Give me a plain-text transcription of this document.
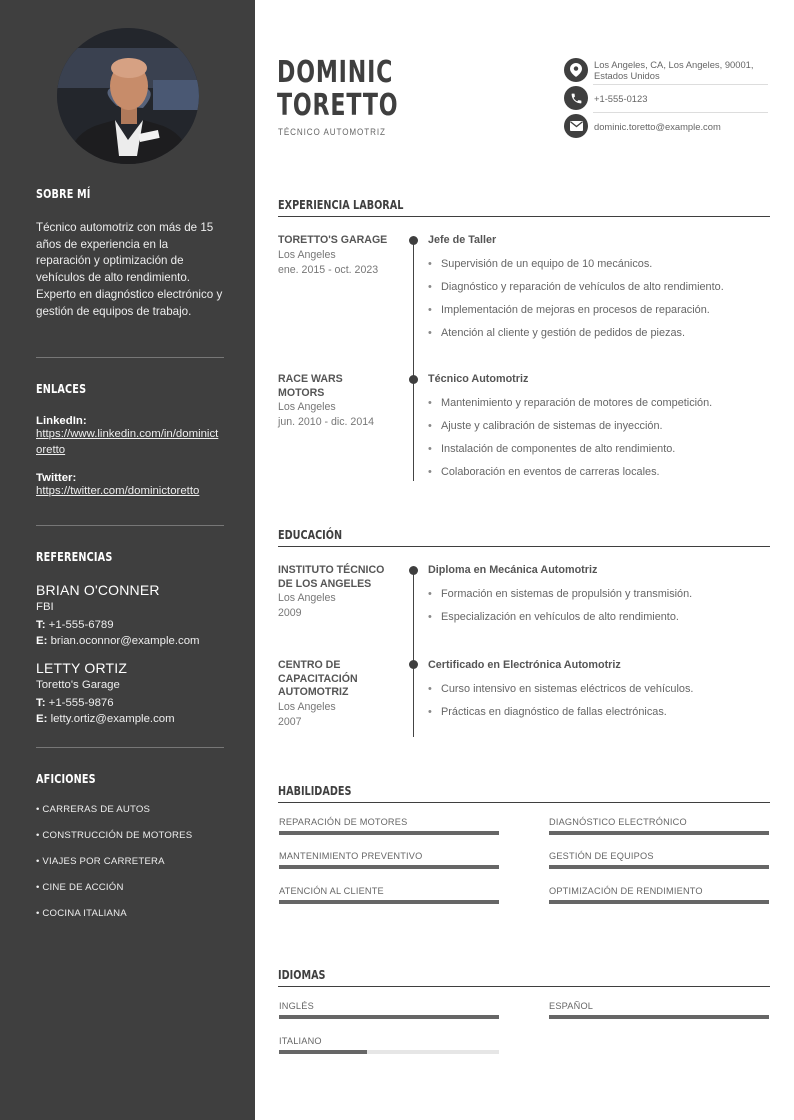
SOBRE MÍ

Técnico automotriz con más de 15 años de experiencia en la reparación y optimización de vehículos de alto rendimiento. Experto en diagnóstico electrónico y gestión de equipos de trabajo.

ENLACES
LinkedIn:
https://www.linkedin.com/in/dominictoretto
Twitter:
https://twitter.com/dominictoretto
REFERENCIAS
BRIAN O'CONNER
FBI
T: +1-555-6789
E: brian.oconnor@example.com
LETTY ORTIZ
Toretto's Garage
T: +1-555-9876
E: letty.ortiz@example.com
AFICIONES
• CARRERAS DE AUTOS
• CONSTRUCCIÓN DE MOTORES
• VIAJES POR CARRETERA
• CINE DE ACCIÓN
• COCINA ITALIANA
DOMINIC
TORETTO
TÉCNICO AUTOMOTRIZ
Los Angeles, CA, Los Angeles, 90001,
Estados Unidos
+1-555-0123
dominic.toretto@example.com
EXPERIENCIA LABORAL
TORETTO'S GARAGE
Los Angeles
ene. 2015 - oct. 2023
Jefe de Taller
• Supervisión de un equipo de 10 mecánicos.
• Diagnóstico y reparación de vehículos de alto rendimiento.
• Implementación de mejoras en procesos de reparación.
• Atención al cliente y gestión de pedidos de piezas.
RACE WARS MOTORS
Los Angeles
jun. 2010 - dic. 2014
Técnico Automotriz
• Mantenimiento y reparación de motores de competición.
• Ajuste y calibración de sistemas de inyección.
• Instalación de componentes de alto rendimiento.
• Colaboración en eventos de carreras locales.
EDUCACIÓN
INSTITUTO TÉCNICO DE LOS ANGELES
Los Angeles
2009
Diploma en Mecánica Automotriz
• Formación en sistemas de propulsión y transmisión.
• Especialización en vehículos de alto rendimiento.
CENTRO DE CAPACITACIÓN AUTOMOTRIZ
Los Angeles
2007
Certificado en Electrónica Automotriz
• Curso intensivo en sistemas eléctricos de vehículos.
• Prácticas en diagnóstico de fallas electrónicas.
HABILIDADES
REPARACIÓN DE MOTORES	DIAGNÓSTICO ELECTRÓNICO
MANTENIMIENTO PREVENTIVO	GESTIÓN DE EQUIPOS
ATENCIÓN AL CLIENTE	OPTIMIZACIÓN DE RENDIMIENTO
IDIOMAS
INGLÉS	ESPAÑOL
ITALIANO
